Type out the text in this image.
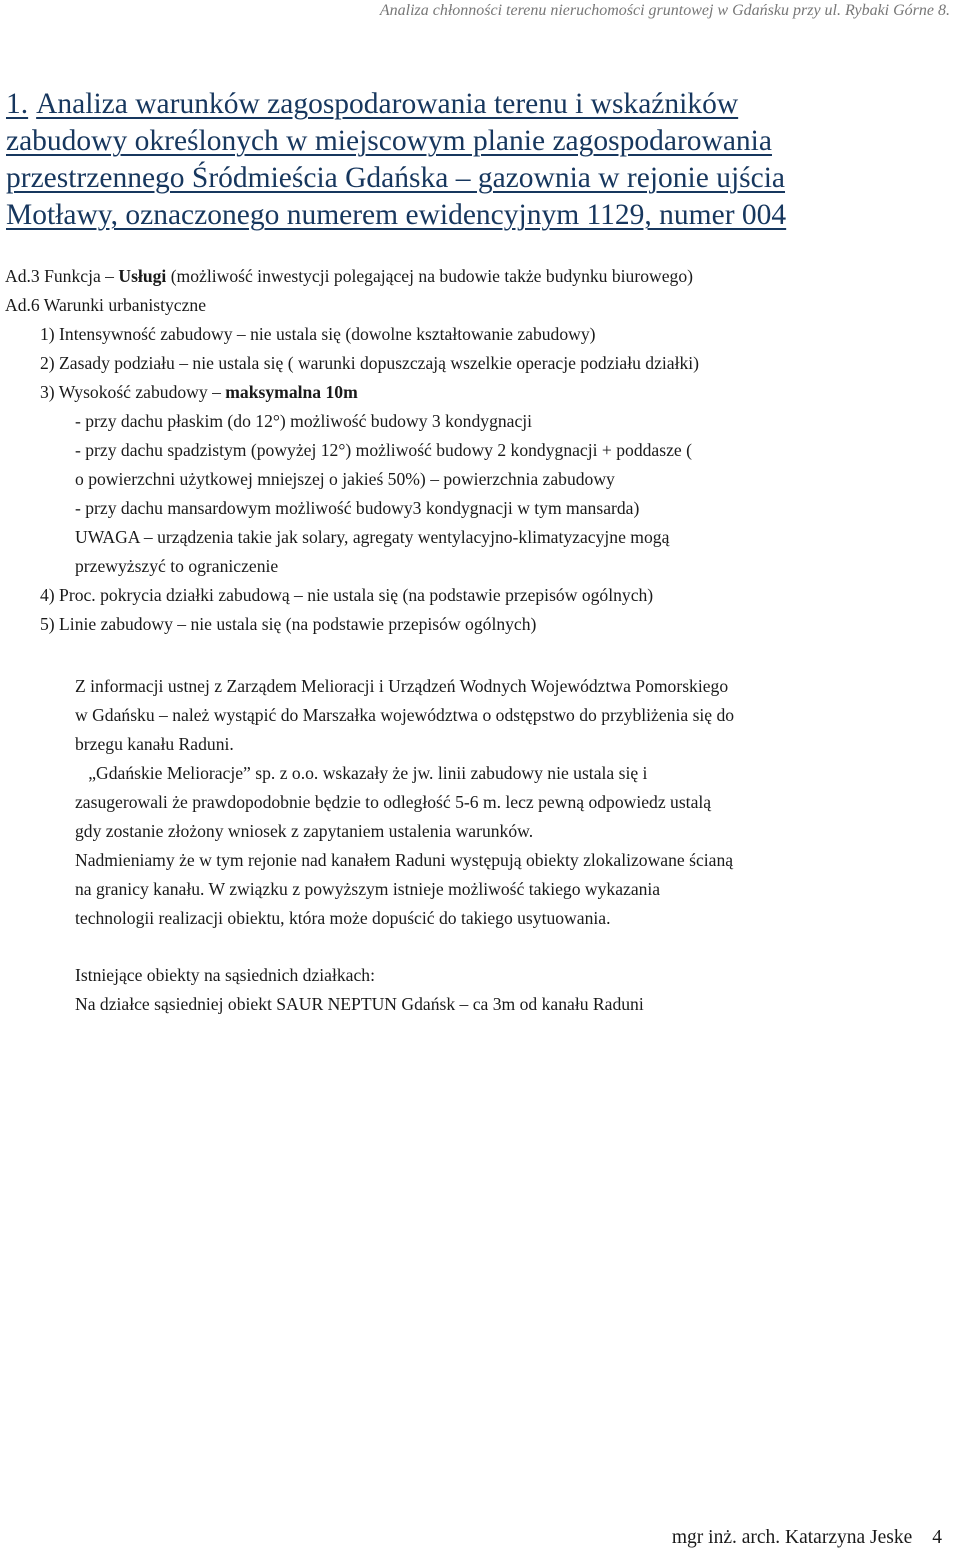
Analiza chłonności terenu nieruchomości gruntowej w Gdańsku przy ul. Rybaki Górne 8.
1. Analiza warunków zagospodarowania terenu i wskaźników
zabudowy określonych w miejscowym planie zagospodarowania
przestrzennego Śródmieścia Gdańska – gazownia w rejonie ujścia
Motławy, oznaczonego numerem ewidencyjnym 1129, numer 004
Ad.3 Funkcja – Usługi (możliwość inwestycji polegającej na budowie także budynku biurowego)
Ad.6 Warunki urbanistyczne
1) Intensywność zabudowy – nie ustala się (dowolne kształtowanie zabudowy)
2) Zasady podziału – nie ustala się ( warunki dopuszczają wszelkie operacje podziału działki)
3) Wysokość zabudowy – maksymalna 10m
- przy dachu płaskim (do 12°) możliwość budowy 3 kondygnacji
- przy dachu spadzistym (powyżej 12°) możliwość budowy 2 kondygnacji + poddasze (
o powierzchni użytkowej mniejszej o jakieś 50%) – powierzchnia zabudowy
- przy dachu mansardowym możliwość budowy3 kondygnacji w tym mansarda)
UWAGA – urządzenia takie jak solary, agregaty wentylacyjno-klimatyzacyjne mogą
przewyższyć to ograniczenie
4) Proc. pokrycia działki zabudową – nie ustala się (na podstawie przepisów ogólnych)
5) Linie zabudowy – nie ustala się (na podstawie przepisów ogólnych)
Z informacji ustnej z Zarządem Melioracji i Urządzeń Wodnych Województwa Pomorskiego
w Gdańsku – należ wystąpić do Marszałka województwa o odstępstwo do przybliżenia się do
brzegu kanału Raduni.
„Gdańskie Melioracje” sp. z o.o. wskazały że jw. linii zabudowy nie ustala się i
zasugerowali że prawdopodobnie będzie to odległość 5-6 m. lecz pewną odpowiedz ustalą
gdy zostanie złożony wniosek z zapytaniem ustalenia warunków.
Nadmieniamy że w tym rejonie nad kanałem Raduni występują obiekty zlokalizowane ścianą
na granicy kanału. W związku z powyższym istnieje możliwość takiego wykazania
technologii realizacji obiektu, która może dopuścić do takiego usytuowania.
Istniejące obiekty na sąsiednich działkach:
Na działce sąsiedniej obiekt SAUR NEPTUN Gdańsk – ca 3m od kanału Raduni
mgr inż. arch. Katarzyna Jeske 4
